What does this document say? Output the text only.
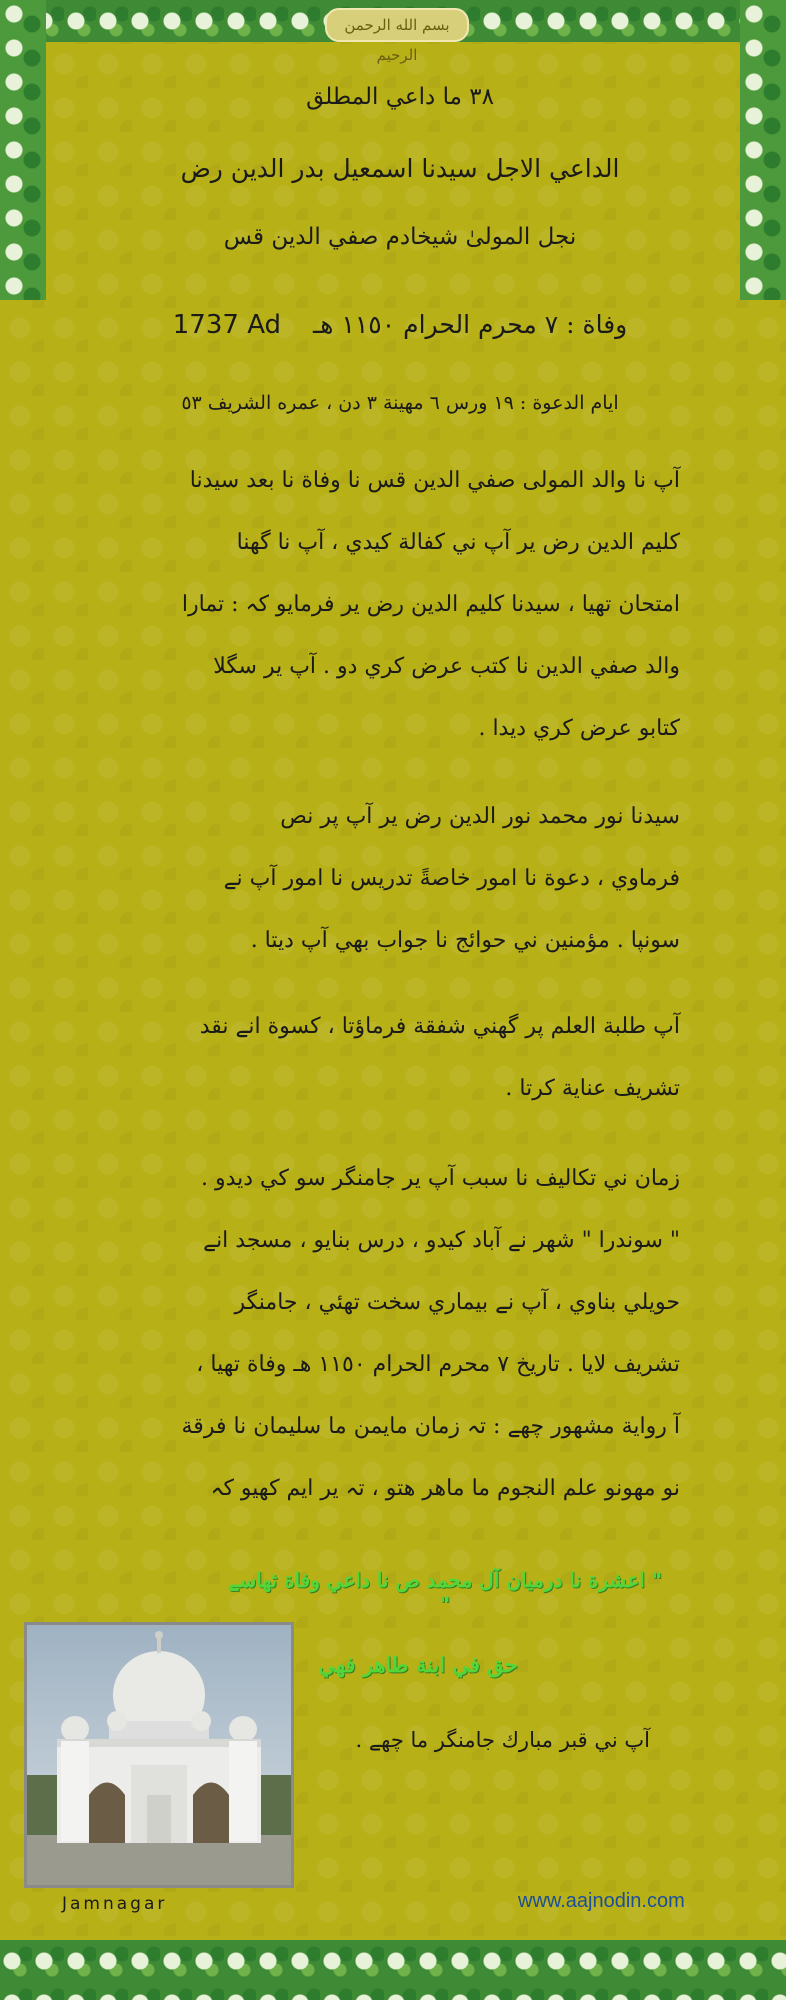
بسم الله الرحمن الرحيم
٣٨ ما داعي المطلق
الداعي الاجل سيدنا اسمعيل بدر الدين رض
نجل المولیٰ شیخادم صفي الدين قس
وفاة : ٧ محرم الحرام ١١٥٠ هـ 1737 Ad
ايام الدعوة : ١٩ ورس ٦ مهينة ٣ دن ، عمره الشريف ٥٣
آپ نا والد المولى صفي الدين قس نا وفاة نا بعد سيدنا
كليم الدين رض ير آپ ني كفالة كيدي ، آپ نا گهنا
امتحان تهيا ، سيدنا كليم الدين رض ير فرمايو كہ : تمارا
والد صفي الدين نا كتب عرض كري دو . آپ ير سگلا
كتابو عرض كري ديدا .
سيدنا نور محمد نور الدين رض ير آپ پر نص
فرماوي ، دعوة نا امور خاصةً تدريس نا امور آپ نے
سونپا . مؤمنين ني حوائج نا جواب بهي آپ ديتا .
آپ طلبة العلم پر گهني شفقة فرماؤتا ، كسوة انے نقد
تشريف عناية كرتا .
زمان ني تكاليف نا سبب آپ ير جامنگر سو كي ديدو .
" سوندرا " شهر نے آباد كيدو ، درس بنايو ، مسجد انے
حويلي بناوي ، آپ نے بيماري سخت تهئي ، جامنگر
تشريف لايا . تاريخ ٧ محرم الحرام ١١٥٠ هـ وفاة تهيا ،
آ رواية مشهور چهے : تہ زمان مايمن ما سليمان نا فرقة
نو مهونو علم النجوم ما ماهر هتو ، تہ ير ايم كهيو كہ
" اعشرة نا درميان آل محمد ص نا داعي وفاة ثهاسے "
حق في ابنة طاهر فهي
آپ ني قبر مبارك جامنگر ما چهے .
Jamnagar	www.aajnodin.com
